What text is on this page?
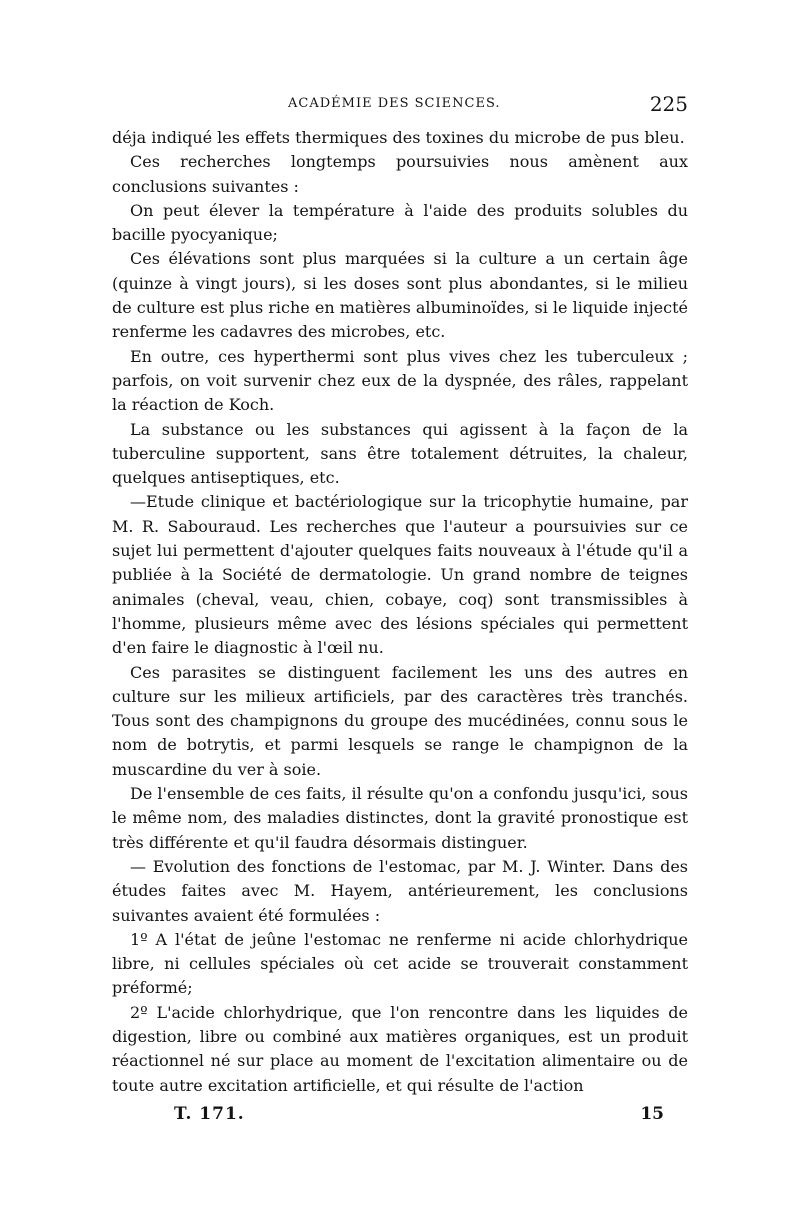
ACADÉMIE DES SCIENCES.	225

déja indiqué les effets thermiques des toxines du microbe de pus bleu.

Ces recherches longtemps poursuivies nous amènent aux conclusions suivantes :

On peut élever la température à l'aide des produits solubles du bacille pyocyanique;

Ces élévations sont plus marquées si la culture a un certain âge (quinze à vingt jours), si les doses sont plus abondantes, si le milieu de culture est plus riche en matières albuminoïdes, si le liquide injecté renferme les cadavres des microbes, etc.

En outre, ces hyperthermi sont plus vives chez les tuberculeux ; parfois, on voit survenir chez eux de la dyspnée, des râles, rappelant la réaction de Koch.

La substance ou les substances qui agissent à la façon de la tuberculine supportent, sans être totalement détruites, la chaleur, quelques antiseptiques, etc.

—Etude clinique et bactériologique sur la tricophytie humaine, par M. R. Sabouraud. Les recherches que l'auteur a poursuivies sur ce sujet lui permettent d'ajouter quelques faits nouveaux à l'étude qu'il a publiée à la Société de dermatologie. Un grand nombre de teignes animales (cheval, veau, chien, cobaye, coq) sont transmissibles à l'homme, plusieurs même avec des lésions spéciales qui permettent d'en faire le diagnostic à l'œil nu.

Ces parasites se distinguent facilement les uns des autres en culture sur les milieux artificiels, par des caractères très tranchés. Tous sont des champignons du groupe des mucédinées, connu sous le nom de botrytis, et parmi lesquels se range le champignon de la muscardine du ver à soie.

De l'ensemble de ces faits, il résulte qu'on a confondu jusqu'ici, sous le même nom, des maladies distinctes, dont la gravité pronostique est très différente et qu'il faudra désormais distinguer.

— Evolution des fonctions de l'estomac, par M. J. Winter. Dans des études faites avec M. Hayem, antérieurement, les conclusions suivantes avaient été formulées :

1º A l'état de jeûne l'estomac ne renferme ni acide chlorhydrique libre, ni cellules spéciales où cet acide se trouverait constamment préformé;

2º L'acide chlorhydrique, que l'on rencontre dans les liquides de digestion, libre ou combiné aux matières organiques, est un produit réactionnel né sur place au moment de l'excitation alimentaire ou de toute autre excitation artificielle, et qui résulte de l'action

T. 171.	15
